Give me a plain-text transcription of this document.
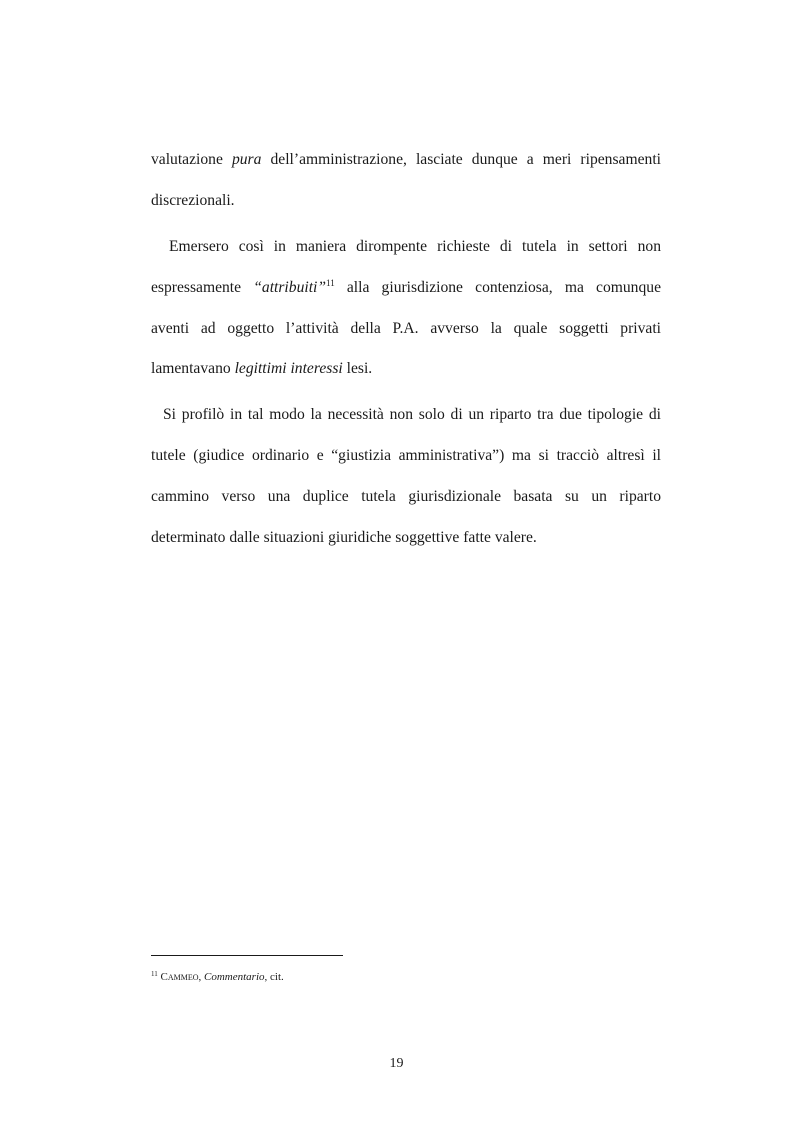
valutazione pura dell’amministrazione, lasciate dunque a meri ripensamenti
discrezionali.
Emersero così in maniera dirompente richieste di tutela in settori non
espressamente “attribuiti”$^{11}$ alla giurisdizione contenziosa, ma comunque
aventi ad oggetto l’attività della P.A. avverso la quale soggetti privati
lamentavano legittimi interessi lesi.
Si profilò in tal modo la necessità non solo di un riparto tra due tipologie di
tutele (giudice ordinario e “giustizia amministrativa”) ma si tracciò altresì il
cammino verso una duplice tutela giurisdizionale basata su un riparto
determinato dalle situazioni giuridiche soggettive fatte valere.
$^{11}$ Cammeo, Commentario, cit.
19
